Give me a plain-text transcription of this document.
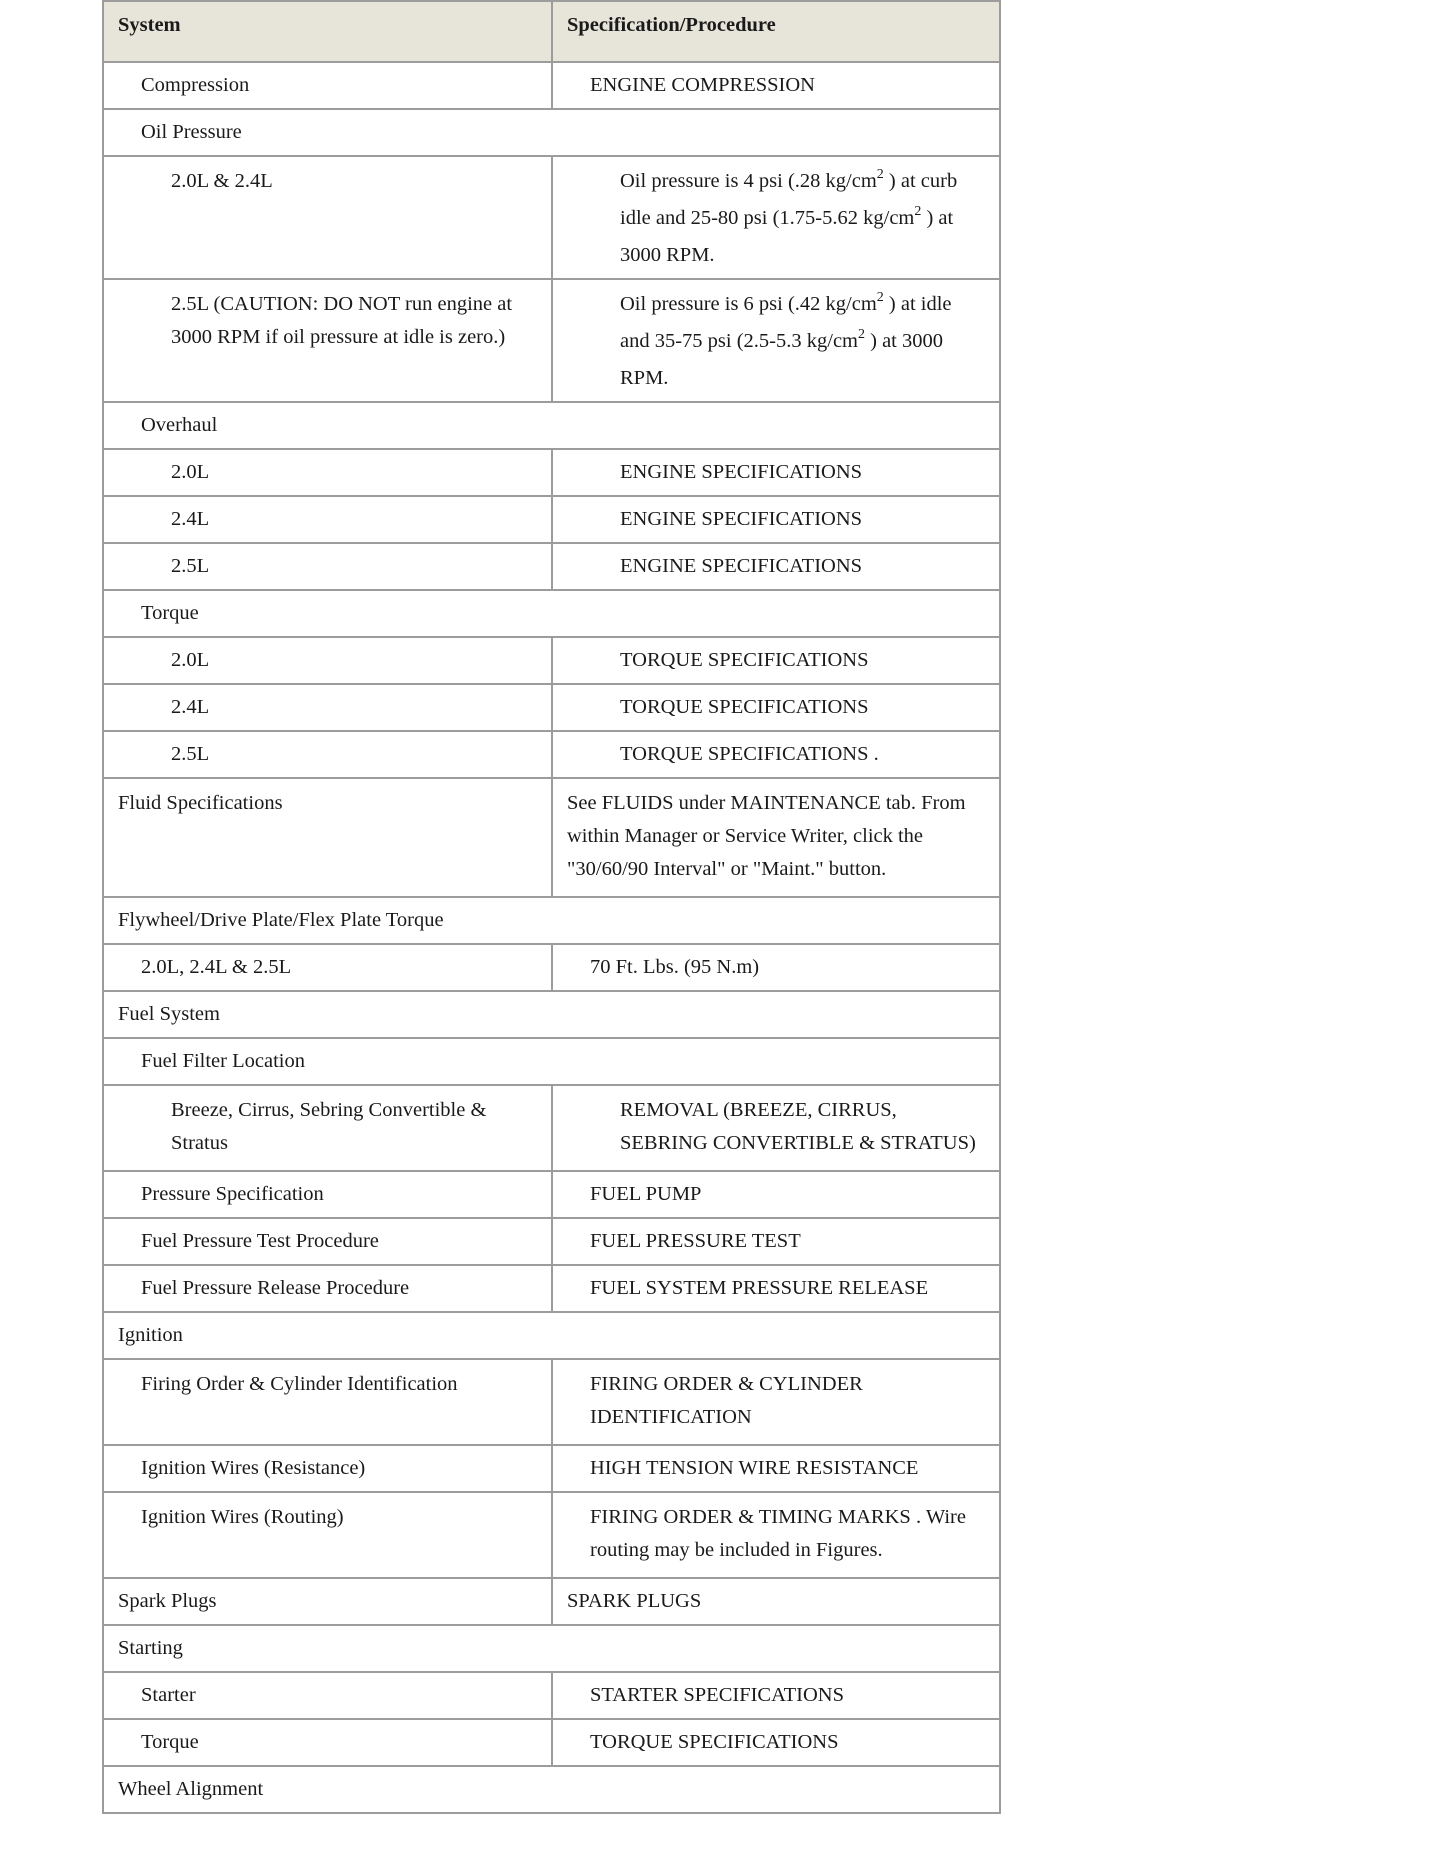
System	Specification/Procedure
Compression	ENGINE COMPRESSION
Oil Pressure	
2.0L & 2.4L	Oil pressure is 4 psi (.28 $kg/cm^2$ ) at curb idle and 25-80 psi (1.75-5.62 $kg/cm^2$ ) at 3000 RPM.
2.5L (CAUTION: DO NOT run engine at 3000 RPM if oil pressure at idle is zero.)	Oil pressure is 6 psi (.42 $kg/cm^2$ ) at idle and 35-75 psi (2.5-5.3 $kg/cm^2$ ) at 3000 RPM.
Overhaul	
2.0L	ENGINE SPECIFICATIONS
2.4L	ENGINE SPECIFICATIONS
2.5L	ENGINE SPECIFICATIONS
Torque	
2.0L	TORQUE SPECIFICATIONS
2.4L	TORQUE SPECIFICATIONS
2.5L	TORQUE SPECIFICATIONS .
Fluid Specifications	See FLUIDS under MAINTENANCE tab. From within Manager or Service Writer, click the "30/60/90 Interval" or "Maint." button.
Flywheel/Drive Plate/Flex Plate Torque	
2.0L, 2.4L & 2.5L	70 Ft. Lbs. (95 N.m)
Fuel System	
Fuel Filter Location	
Breeze, Cirrus, Sebring Convertible & Stratus	REMOVAL (BREEZE, CIRRUS, SEBRING CONVERTIBLE & STRATUS)
Pressure Specification	FUEL PUMP
Fuel Pressure Test Procedure	FUEL PRESSURE TEST
Fuel Pressure Release Procedure	FUEL SYSTEM PRESSURE RELEASE
Ignition	
Firing Order & Cylinder Identification	FIRING ORDER & CYLINDER IDENTIFICATION
Ignition Wires (Resistance)	HIGH TENSION WIRE RESISTANCE
Ignition Wires (Routing)	FIRING ORDER & TIMING MARKS . Wire routing may be included in Figures.
Spark Plugs	SPARK PLUGS
Starting	
Starter	STARTER SPECIFICATIONS
Torque	TORQUE SPECIFICATIONS
Wheel Alignment	
